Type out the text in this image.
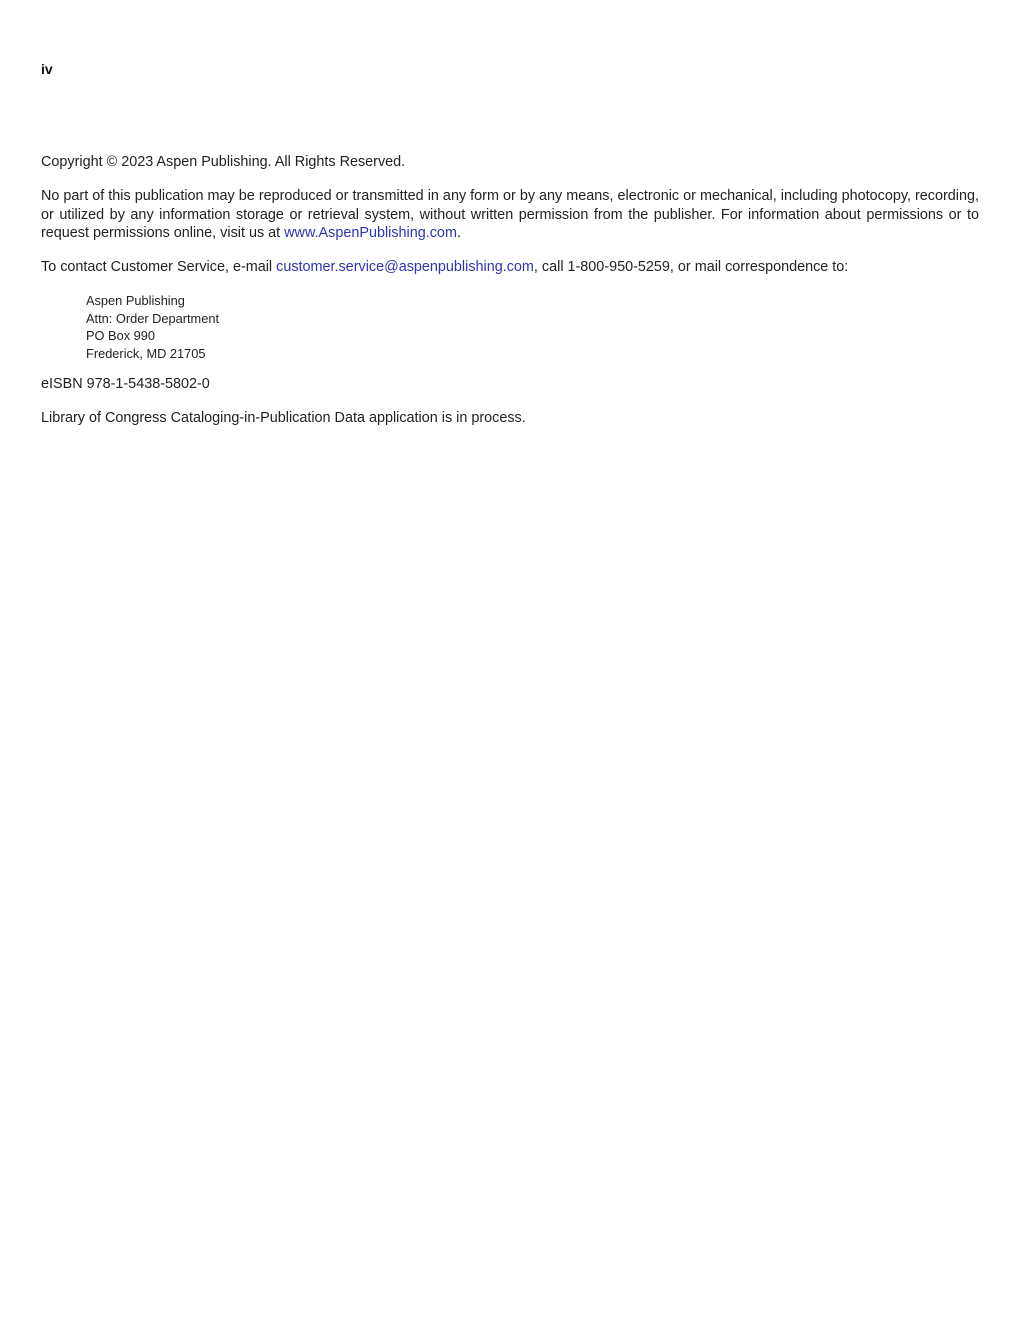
iv

Copyright © 2023 Aspen Publishing. All Rights Reserved.

No part of this publication may be reproduced or transmitted in any form or by any means, electronic or mechanical, including photocopy, recording, or utilized by any information storage or retrieval system, without written permission from the publisher. For information about permissions or to request permissions online, visit us at www.AspenPublishing.com.

To contact Customer Service, e-mail customer.service@aspenpublishing.com, call 1-800-950-5259, or mail correspondence to:

Aspen Publishing
Attn: Order Department
PO Box 990
Frederick, MD 21705

eISBN 978-1-5438-5802-0

Library of Congress Cataloging-in-Publication Data application is in process.
